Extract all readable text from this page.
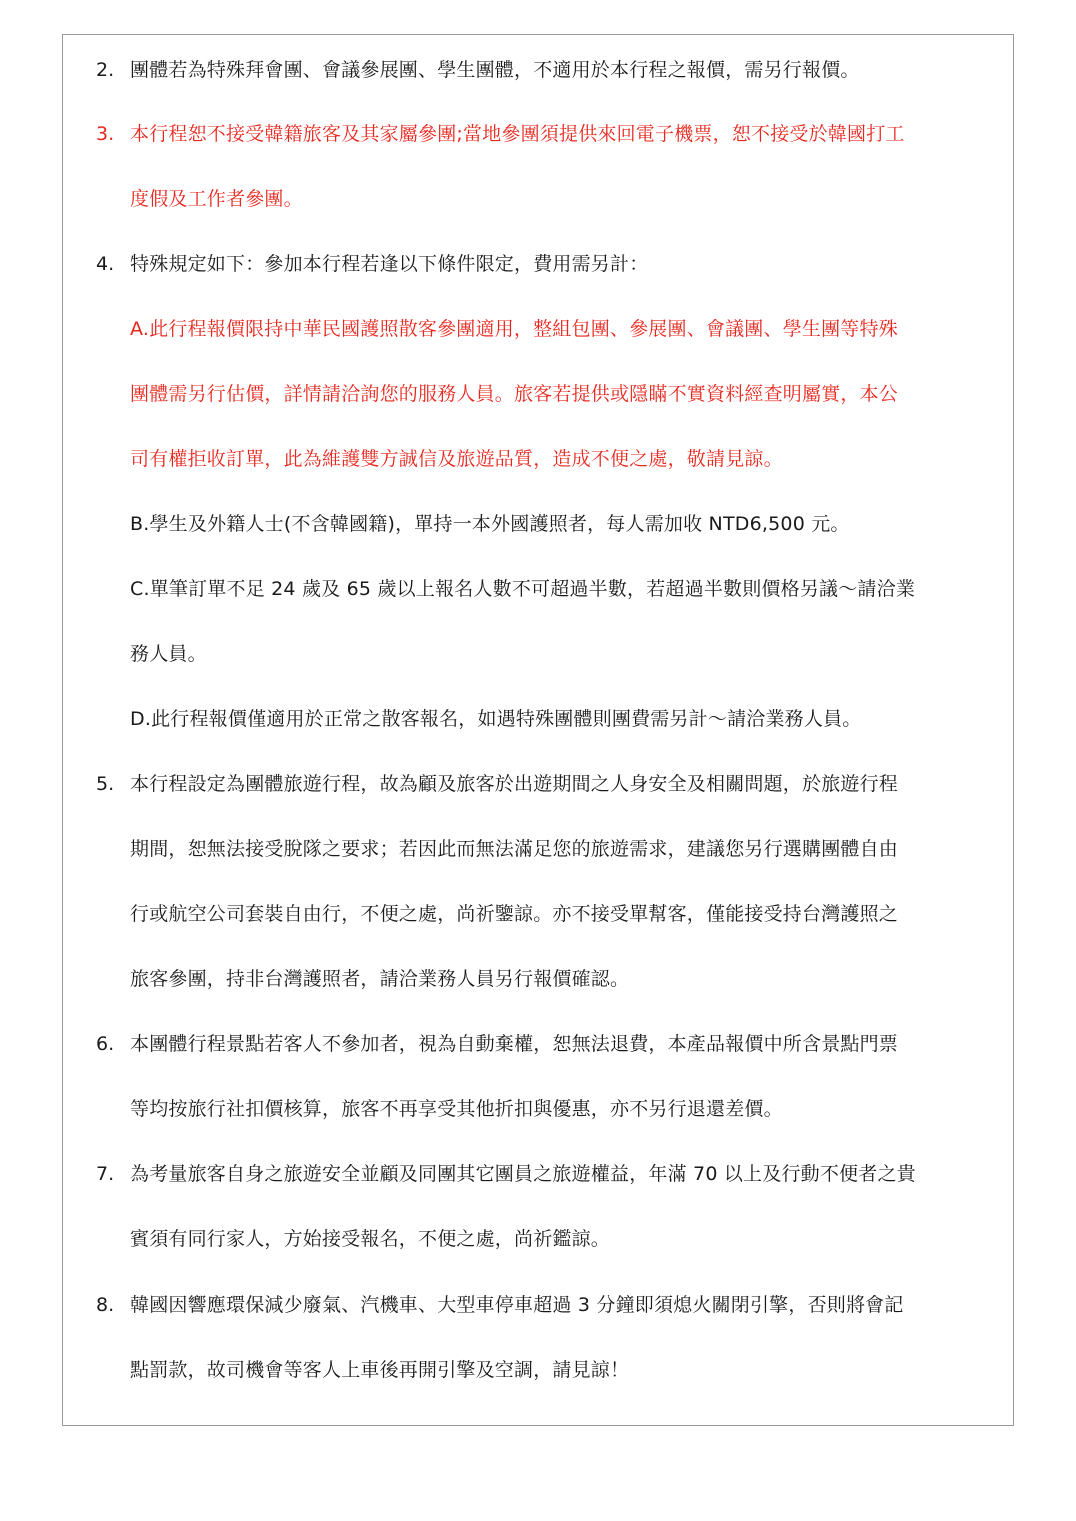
2. 團體若為特殊拜會團、會議參展團、學生團體，不適用於本行程之報價，需另行報價。
3. 本行程恕不接受韓籍旅客及其家屬參團;當地參團須提供來回電子機票，恕不接受於韓國打工
度假及工作者參團。
4. 特殊規定如下：參加本行程若逢以下條件限定，費用需另計：
A.此行程報價限持中華民國護照散客參團適用，整組包團、參展團、會議團、學生團等特殊
團體需另行估價，詳情請洽詢您的服務人員。旅客若提供或隱瞞不實資料經查明屬實，本公
司有權拒收訂單，此為維護雙方誠信及旅遊品質，造成不便之處，敬請見諒。
B.學生及外籍人士(不含韓國籍)，單持一本外國護照者，每人需加收 NTD6,500 元。
C.單筆訂單不足 24 歲及 65 歲以上報名人數不可超過半數，若超過半數則價格另議～請洽業
務人員。
D.此行程報價僅適用於正常之散客報名，如遇特殊團體則團費需另計～請洽業務人員。
5. 本行程設定為團體旅遊行程，故為顧及旅客於出遊期間之人身安全及相關問題，於旅遊行程
期間，恕無法接受脫隊之要求；若因此而無法滿足您的旅遊需求，建議您另行選購團體自由
行或航空公司套裝自由行，不便之處，尚祈鑒諒。亦不接受單幫客，僅能接受持台灣護照之
旅客參團，持非台灣護照者，請洽業務人員另行報價確認。
6. 本團體行程景點若客人不參加者，視為自動棄權，恕無法退費，本產品報價中所含景點門票
等均按旅行社扣價核算，旅客不再享受其他折扣與優惠，亦不另行退還差價。
7. 為考量旅客自身之旅遊安全並顧及同團其它團員之旅遊權益，年滿 70 以上及行動不便者之貴
賓須有同行家人，方始接受報名，不便之處，尚祈鑑諒。
8. 韓國因響應環保減少廢氣、汽機車、大型車停車超過 3 分鐘即須熄火關閉引擎，否則將會記
點罰款，故司機會等客人上車後再開引擎及空調，請見諒！
